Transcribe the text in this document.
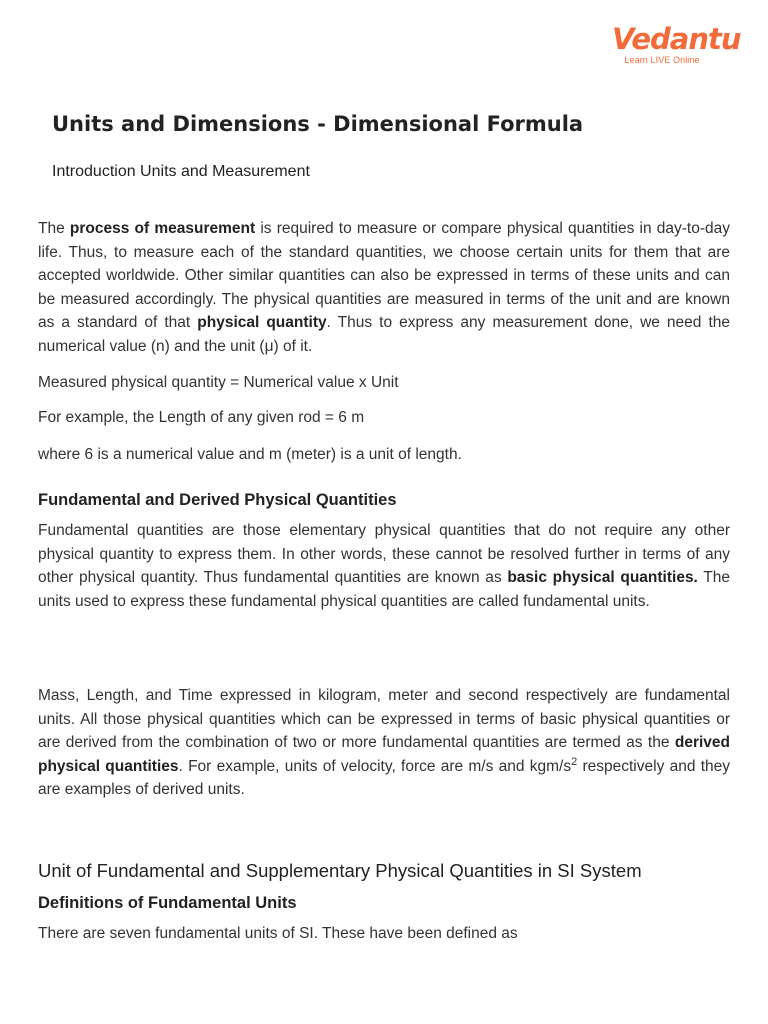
Vedantu
Learn LIVE Online
Units and Dimensions - Dimensional Formula
Introduction Units and Measurement

The process of measurement is required to measure or compare physical quantities in day-to-day life. Thus, to measure each of the standard quantities, we choose certain units for them that are accepted worldwide. Other similar quantities can also be expressed in terms of these units and can be measured accordingly. The physical quantities are measured in terms of the unit and are known as a standard of that physical quantity. Thus to express any measurement done, we need the numerical value (n) and the unit (μ) of it.

Measured physical quantity = Numerical value x Unit

For example, the Length of any given rod = 6 m

where 6 is a numerical value and m (meter) is a unit of length.

Fundamental and Derived Physical Quantities

Fundamental quantities are those elementary physical quantities that do not require any other physical quantity to express them. In other words, these cannot be resolved further in terms of any other physical quantity. Thus fundamental quantities are known as basic physical quantities. The units used to express these fundamental physical quantities are called fundamental units.

Mass, Length, and Time expressed in kilogram, meter and second respectively are fundamental units. All those physical quantities which can be expressed in terms of basic physical quantities or are derived from the combination of two or more fundamental quantities are termed as the derived physical quantities. For example, units of velocity, force are m/s and kgm/$s^2$ respectively and they are examples of derived units.

Unit of Fundamental and Supplementary Physical Quantities in SI System
Definitions of Fundamental Units

There are seven fundamental units of SI. These have been defined as
